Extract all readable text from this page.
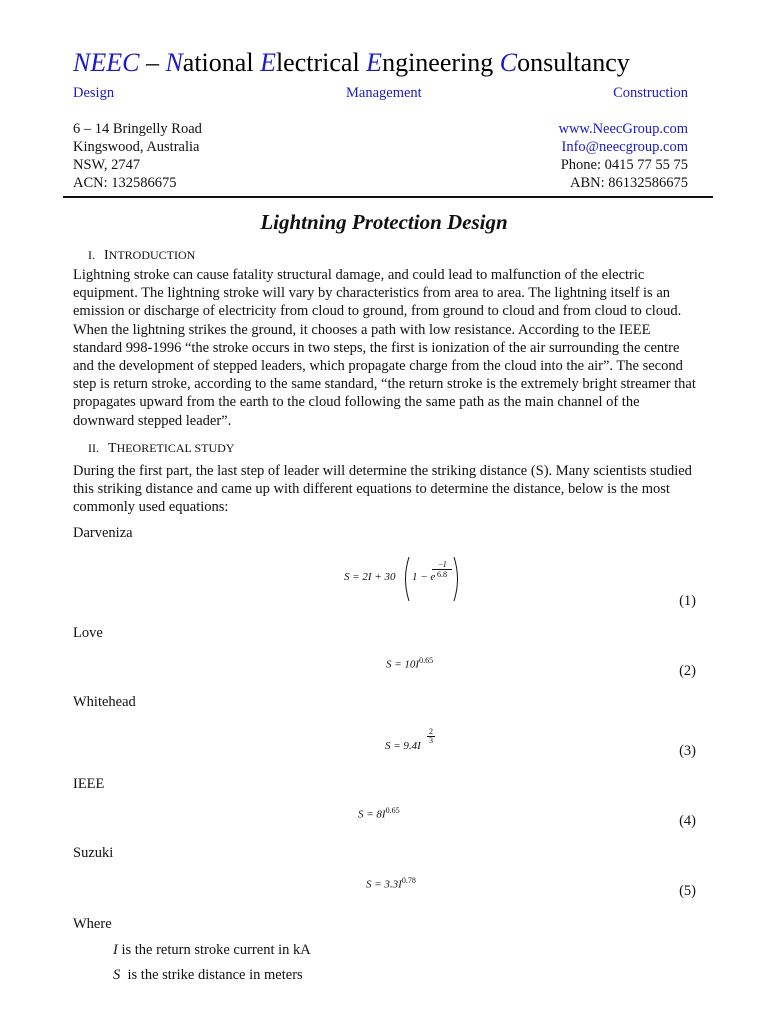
NEEC – National Electrical Engineering Consultancy
Design	Management	Construction
6 – 14 Bringelly Road
Kingswood, Australia
NSW, 2747
ACN: 132586675
www.NeecGroup.com
Info@neecgroup.com
Phone: 0415 77 55 75
ABN: 86132586675
Lightning Protection Design
I. INTRODUCTION
Lightning stroke can cause fatality structural damage, and could lead to malfunction of the electric equipment. The lightning stroke will vary by characteristics from area to area. The lightning itself is an emission or discharge of electricity from cloud to ground, from ground to cloud and from cloud to cloud. When the lightning strikes the ground, it chooses a path with low resistance. According to the IEEE standard 998-1996 “the stroke occurs in two steps, the first is ionization of the air surrounding the centre and the development of stepped leaders, which propagate charge from the cloud into the air”. The second step is return stroke, according to the same standard, “the return stroke is the extremely bright streamer that propagates upward from the earth to the cloud following the same path as the main channel of the downward stepped leader”.
II. THEORETICAL STUDY
During the first part, the last step of leader will determine the striking distance (S). Many scientists studied this striking distance and came up with different equations to determine the distance, below is the most commonly used equations:
Darveniza
S = 2I + 30 1 − e
−I
6.8
(1)
Love
$S = 10I^{0.65}$
(2)
Whitehead
S = 9.4I
2
3
(3)
IEEE
$S = 8I^{0.65}$
(4)
Suzuki
$S = 3.3I^{0.78}$
(5)
Where
I is the return stroke current in kA
S  is the strike distance in meters
